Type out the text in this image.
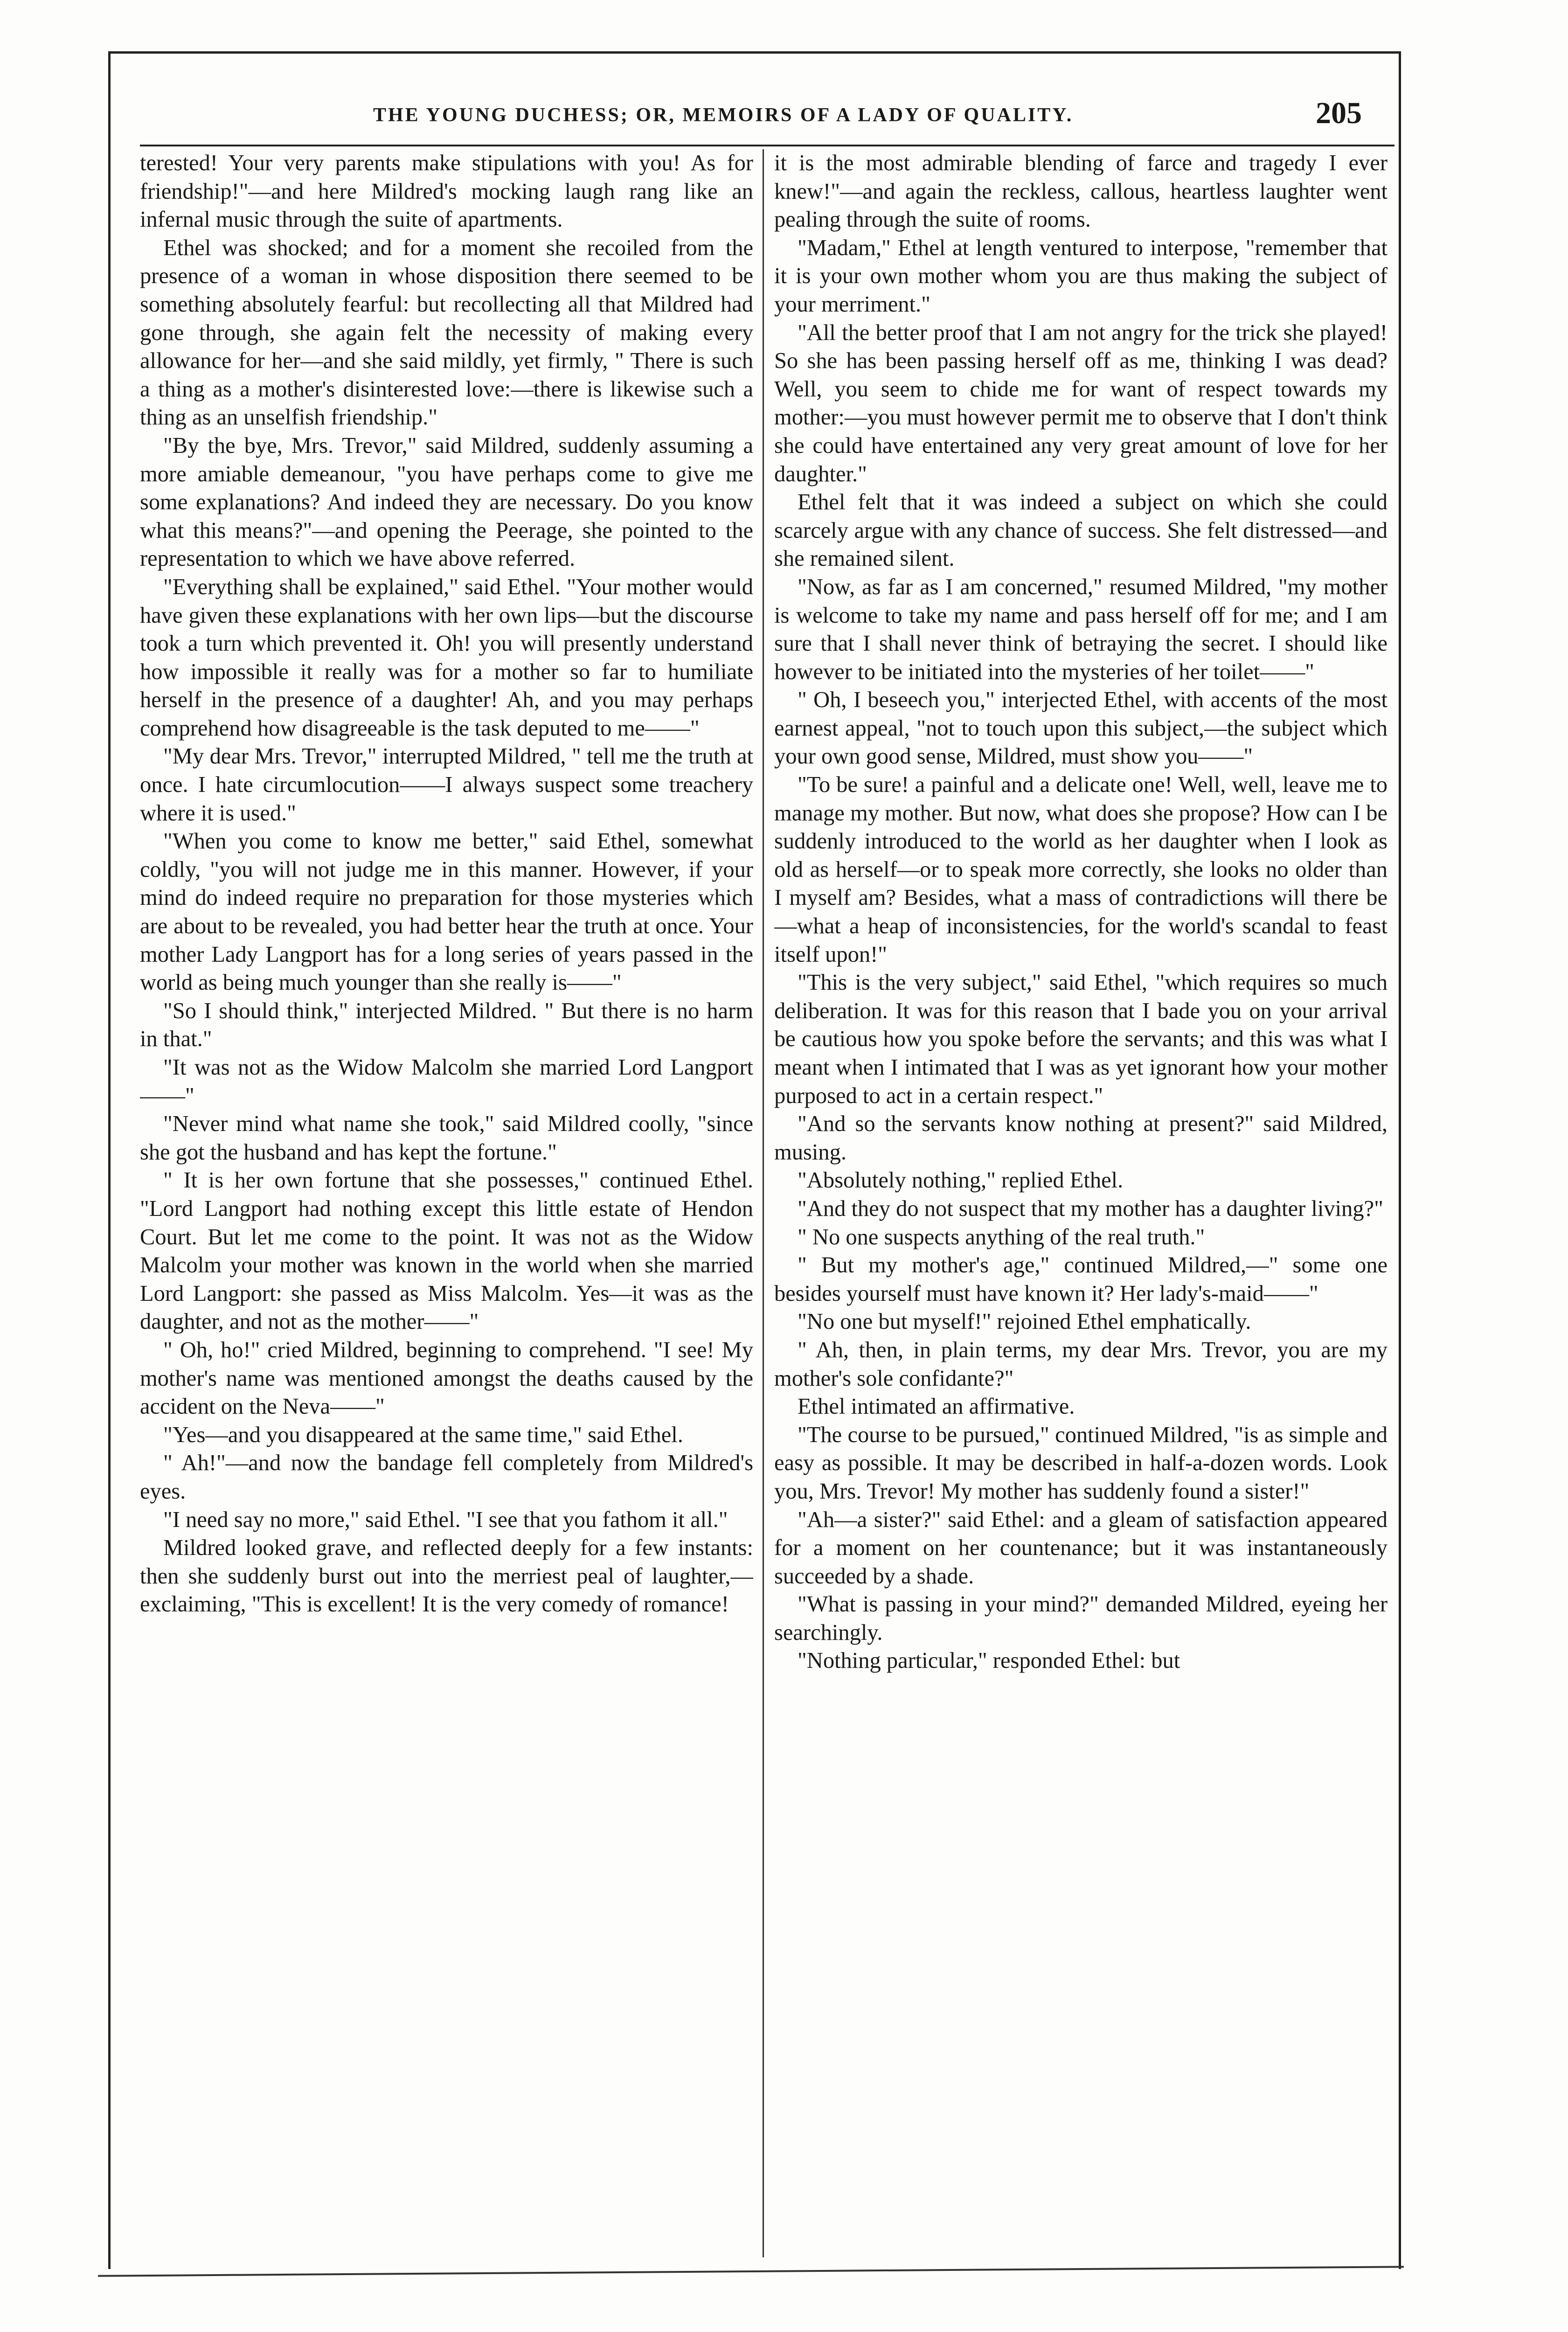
THE YOUNG DUCHESS; OR, MEMOIRS OF A LADY OF QUALITY.	205

terested! Your very parents make stipulations with you! As for friendship!"—and here Mildred's mocking laugh rang like an infernal music through the suite of apartments.

Ethel was shocked; and for a moment she recoiled from the presence of a woman in whose disposition there seemed to be something absolutely fearful: but recollecting all that Mildred had gone through, she again felt the necessity of making every allowance for her—and she said mildly, yet firmly, " There is such a thing as a mother's disinterested love:—there is likewise such a thing as an unselfish friendship."

"By the bye, Mrs. Trevor," said Mildred, suddenly assuming a more amiable demeanour, "you have perhaps come to give me some explanations? And indeed they are necessary. Do you know what this means?"—and opening the Peerage, she pointed to the representation to which we have above referred.

"Everything shall be explained," said Ethel. "Your mother would have given these explanations with her own lips—but the discourse took a turn which prevented it. Oh! you will presently understand how impossible it really was for a mother so far to humiliate herself in the presence of a daughter! Ah, and you may perhaps comprehend how disagreeable is the task deputed to me——"

"My dear Mrs. Trevor," interrupted Mildred, " tell me the truth at once. I hate circumlocution——I always suspect some treachery where it is used."

"When you come to know me better," said Ethel, somewhat coldly, "you will not judge me in this manner. However, if your mind do indeed require no preparation for those mysteries which are about to be revealed, you had better hear the truth at once. Your mother Lady Langport has for a long series of years passed in the world as being much younger than she really is——"

"So I should think," interjected Mildred. " But there is no harm in that."

"It was not as the Widow Malcolm she married Lord Langport——"

"Never mind what name she took," said Mildred coolly, "since she got the husband and has kept the fortune."

" It is her own fortune that she possesses," continued Ethel. "Lord Langport had nothing except this little estate of Hendon Court. But let me come to the point. It was not as the Widow Malcolm your mother was known in the world when she married Lord Langport: she passed as Miss Malcolm. Yes—it was as the daughter, and not as the mother——"

" Oh, ho!" cried Mildred, beginning to comprehend. "I see! My mother's name was mentioned amongst the deaths caused by the accident on the Neva——"

"Yes—and you disappeared at the same time," said Ethel.

" Ah!"—and now the bandage fell completely from Mildred's eyes.

"I need say no more," said Ethel. "I see that you fathom it all."

Mildred looked grave, and reflected deeply for a few instants: then she suddenly burst out into the merriest peal of laughter,—exclaiming, "This is excellent! It is the very comedy of romance!

it is the most admirable blending of farce and tragedy I ever knew!"—and again the reckless, callous, heartless laughter went pealing through the suite of rooms.

"Madam," Ethel at length ventured to interpose, "remember that it is your own mother whom you are thus making the subject of your merriment."

"All the better proof that I am not angry for the trick she played! So she has been passing herself off as me, thinking I was dead? Well, you seem to chide me for want of respect towards my mother:—you must however permit me to observe that I don't think she could have entertained any very great amount of love for her daughter."

Ethel felt that it was indeed a subject on which she could scarcely argue with any chance of success. She felt distressed—and she remained silent.

"Now, as far as I am concerned," resumed Mildred, "my mother is welcome to take my name and pass herself off for me; and I am sure that I shall never think of betraying the secret. I should like however to be initiated into the mysteries of her toilet——"

" Oh, I beseech you," interjected Ethel, with accents of the most earnest appeal, "not to touch upon this subject,—the subject which your own good sense, Mildred, must show you——"

"To be sure! a painful and a delicate one! Well, well, leave me to manage my mother. But now, what does she propose? How can I be suddenly introduced to the world as her daughter when I look as old as herself—or to speak more correctly, she looks no older than I myself am? Besides, what a mass of contradictions will there be—what a heap of inconsistencies, for the world's scandal to feast itself upon!"

"This is the very subject," said Ethel, "which requires so much deliberation. It was for this reason that I bade you on your arrival be cautious how you spoke before the servants; and this was what I meant when I intimated that I was as yet ignorant how your mother purposed to act in a certain respect."

"And so the servants know nothing at present?" said Mildred, musing.

"Absolutely nothing," replied Ethel.

"And they do not suspect that my mother has a daughter living?"

" No one suspects anything of the real truth."

" But my mother's age," continued Mildred,—" some one besides yourself must have known it? Her lady's-maid——"

"No one but myself!" rejoined Ethel emphatically.

" Ah, then, in plain terms, my dear Mrs. Trevor, you are my mother's sole confidante?"

Ethel intimated an affirmative.

"The course to be pursued," continued Mildred, "is as simple and easy as possible. It may be described in half-a-dozen words. Look you, Mrs. Trevor! My mother has suddenly found a sister!"

"Ah—a sister?" said Ethel: and a gleam of satisfaction appeared for a moment on her countenance; but it was instantaneously succeeded by a shade.

"What is passing in your mind?" demanded Mildred, eyeing her searchingly.

"Nothing particular," responded Ethel: but
